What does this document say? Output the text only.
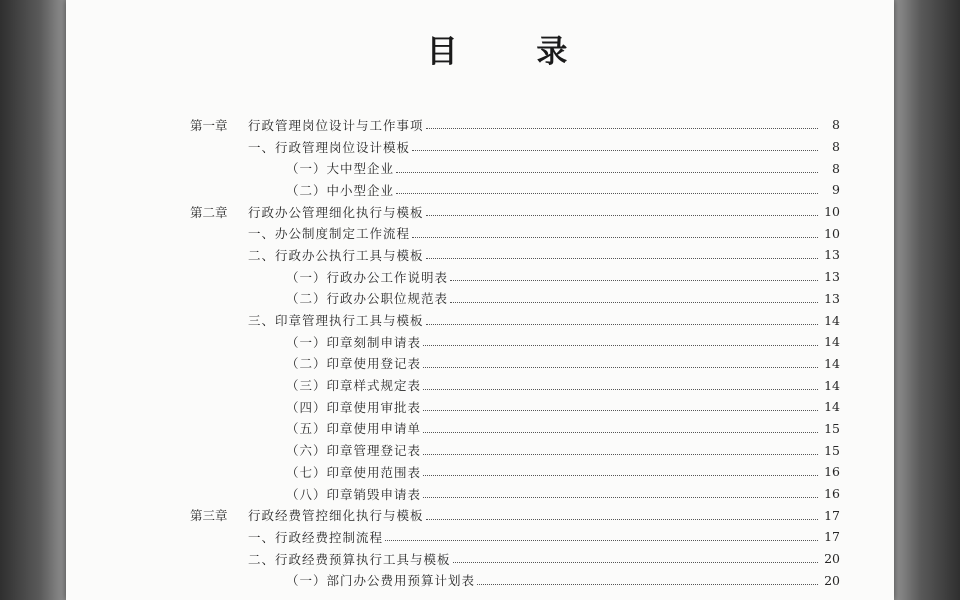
目 录
第一章	行政管理岗位设计与工作事项	8
一、行政管理岗位设计模板	8
（一）大中型企业	8
（二）中小型企业	9
第二章	行政办公管理细化执行与模板	10
一、办公制度制定工作流程	10
二、行政办公执行工具与模板	13
（一）行政办公工作说明表	13
（二）行政办公职位规范表	13
三、印章管理执行工具与模板	14
（一）印章刻制申请表	14
（二）印章使用登记表	14
（三）印章样式规定表	14
（四）印章使用审批表	14
（五）印章使用申请单	15
（六）印章管理登记表	15
（七）印章使用范围表	16
（八）印章销毁申请表	16
第三章	行政经费管控细化执行与模板	17
一、行政经费控制流程	17
二、行政经费预算执行工具与模板	20
（一）部门办公费用预算计划表	20
